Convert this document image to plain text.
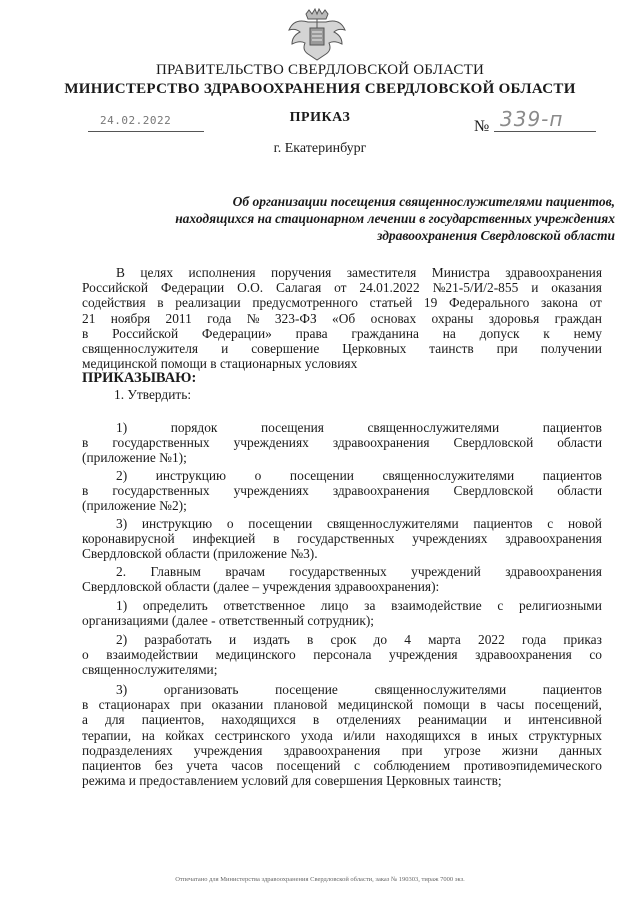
ПРАВИТЕЛЬСТВО СВЕРДЛОВСКОЙ ОБЛАСТИ
МИНИСТЕРСТВО ЗДРАВООХРАНЕНИЯ СВЕРДЛОВСКОЙ ОБЛАСТИ
24.02.2022	ПРИКАЗ
№ 339-п
г. Екатеринбург
Об организации посещения священнослужителями пациентов,
находящихся на стационарном лечении в государственных учреждениях
здравоохранения Свердловской области
В целях исполнения поручения заместителя Министра здравоохранения
Российской Федерации О.О. Салагая от 24.01.2022 №21-5/И/2-855 и оказания
содействия в реализации предусмотренного статьей 19 Федерального закона от
21 ноября 2011 года № 323-ФЗ «Об основах охраны здоровья граждан
в Российской Федерации» права гражданина на допуск к нему
священнослужителя и совершение Церковных таинств при получении
медицинской помощи в стационарных условиях
ПРИКАЗЫВАЮ:
1. Утвердить:
1)	порядок	посещения	священнослужителями	пациентов
в государственных учреждениях здравоохранения Свердловской области
(приложение №1);
2) инструкцию о посещении священнослужителями пациентов
в государственных учреждениях здравоохранения Свердловской области
(приложение №2);
3) инструкцию о посещении священнослужителями пациентов с новой
коронавирусной инфекцией в государственных учреждениях здравоохранения
Свердловской области (приложение №3).
2. Главным врачам государственных учреждений здравоохранения
Свердловской области (далее – учреждения здравоохранения):
1) определить ответственное лицо за взаимодействие с религиозными
организациями (далее - ответственный сотрудник);
2) разработать и издать в срок до 4 марта 2022 года приказ
о взаимодействии медицинского персонала учреждения здравоохранения со
священнослужителями;
3)	организовать	посещение	священнослужителями	пациентов
в стационарах при оказании плановой медицинской помощи в часы посещений,
а для пациентов, находящихся в отделениях реанимации и интенсивной
терапии, на койках сестринского ухода и/или находящихся в иных структурных
подразделениях учреждения здравоохранения при угрозе жизни данных
пациентов без учета часов посещений с соблюдением противоэпидемического
режима и предоставлением условий для совершения Церковных таинств;
Отпечатано для Министерства здравоохранения Свердловской области, заказ № 190303, тираж 7000 экз.
